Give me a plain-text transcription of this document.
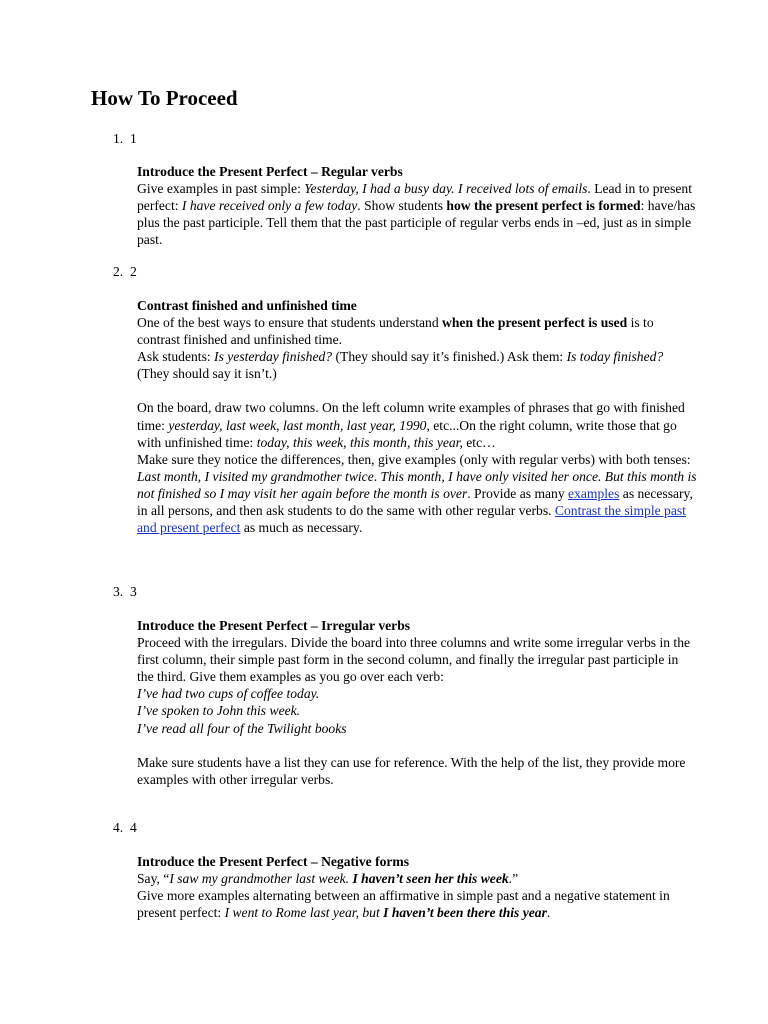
How To Proceed
1. 1

Introduce the Present Perfect – Regular verbs

Give examples in past simple: Yesterday, I had a busy day. I received lots of emails. Lead in to present perfect: I have received only a few today. Show students how the present perfect is formed: have/has plus the past participle. Tell them that the past participle of regular verbs ends in –ed, just as in simple past.

2. 2

Contrast finished and unfinished time

One of the best ways to ensure that students understand when the present perfect is used is to contrast finished and unfinished time.

Ask students: Is yesterday finished? (They should say it’s finished.) Ask them: Is today finished? (They should say it isn’t.)

On the board, draw two columns. On the left column write examples of phrases that go with finished time: yesterday, last week, last month, last year, 1990, etc...On the right column, write those that go with unfinished time: today, this week, this month, this year, etc…

Make sure they notice the differences, then, give examples (only with regular verbs) with both tenses: Last month, I visited my grandmother twice. This month, I have only visited her once. But this month is not finished so I may visit her again before the month is over. Provide as many examples as necessary, in all persons, and then ask students to do the same with other regular verbs. Contrast the simple past and present perfect as much as necessary.

3. 3

Introduce the Present Perfect – Irregular verbs

Proceed with the irregulars. Divide the board into three columns and write some irregular verbs in the first column, their simple past form in the second column, and finally the irregular past participle in the third. Give them examples as you go over each verb:

I’ve had two cups of coffee today.

I’ve spoken to John this week.

I’ve read all four of the Twilight books

Make sure students have a list they can use for reference. With the help of the list, they provide more examples with other irregular verbs.

4. 4

Introduce the Present Perfect – Negative forms

Say, “I saw my grandmother last week. I haven’t seen her this week.”

Give more examples alternating between an affirmative in simple past and a negative statement in present perfect: I went to Rome last year, but I haven’t been there this year.
